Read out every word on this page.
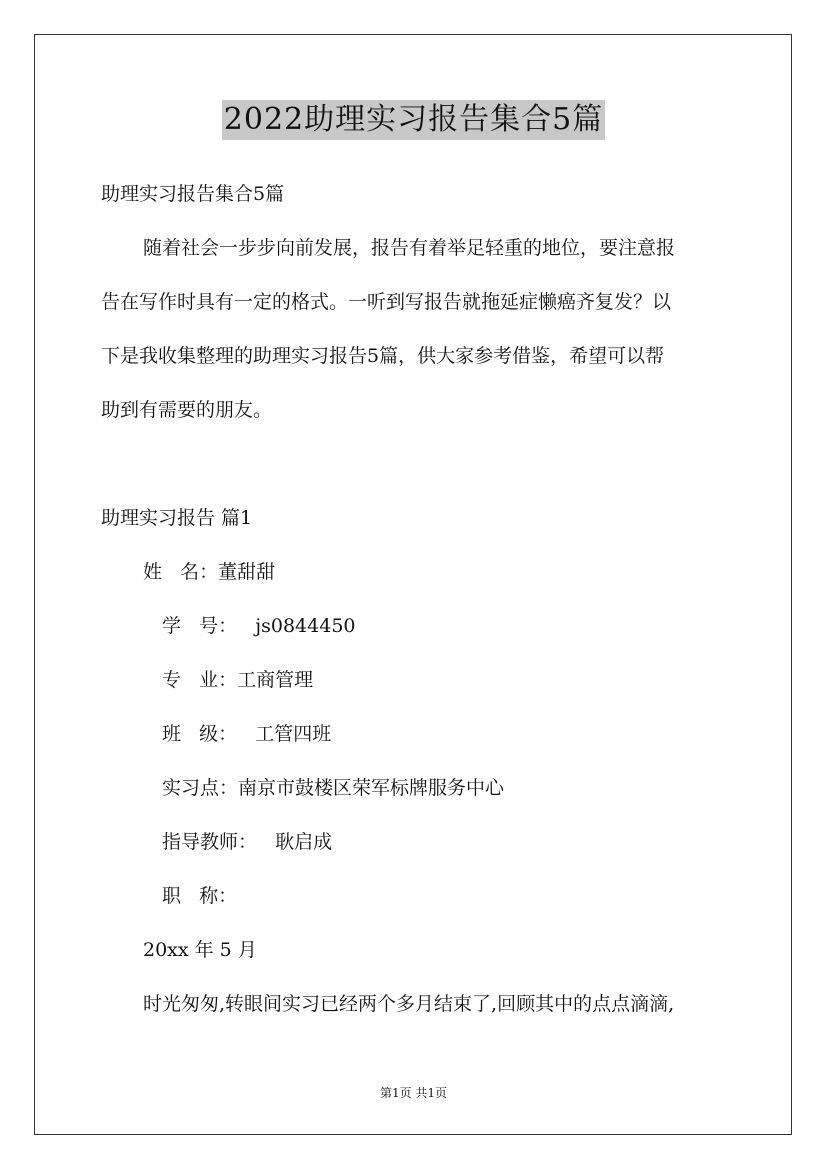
2022助理实习报告集合5篇
助理实习报告集合5篇
随着社会一步步向前发展，报告有着举足轻重的地位，要注意报
告在写作时具有一定的格式。一听到写报告就拖延症懒癌齐复发？以
下是我收集整理的助理实习报告5篇，供大家参考借鉴，希望可以帮
助到有需要的朋友。
助理实习报告 篇1
姓   名：董甜甜
学   号：   js0844450
专   业：工商管理
班   级：   工管四班
实习点：南京市鼓楼区荣军标牌服务中心
指导教师：   耿启成
职   称：
20xx 年 5 月
时光匆匆,转眼间实习已经两个多月结束了,回顾其中的点点滴滴,
第1页 共1页
